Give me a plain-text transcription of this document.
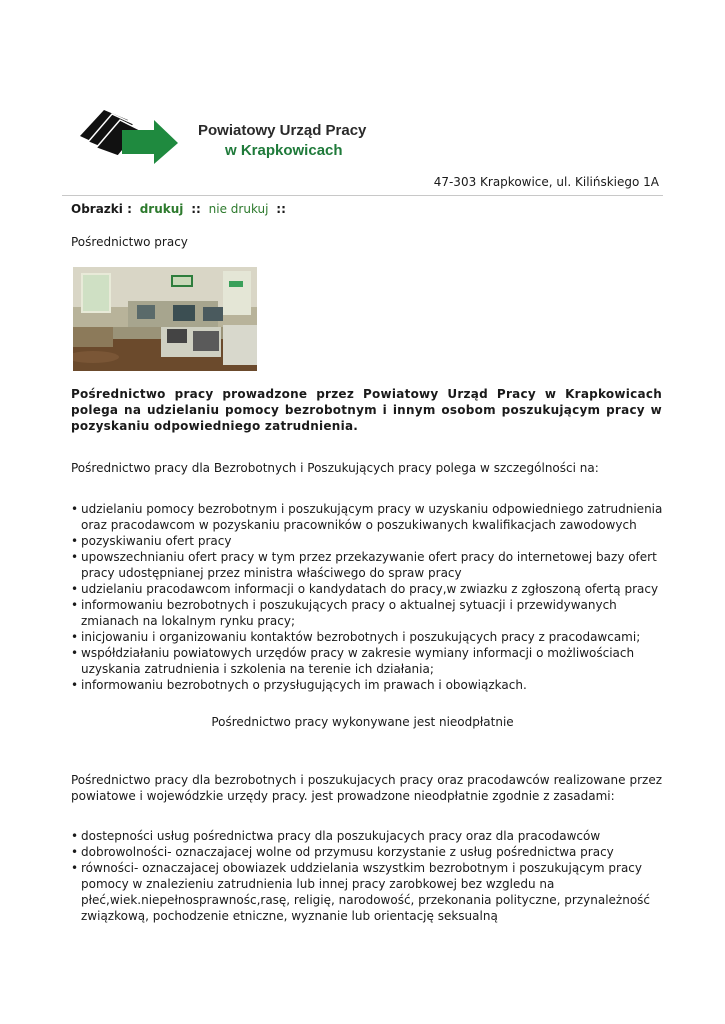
Powiatowy Urząd Pracy
w Krapkowicach
47-303 Krapkowice, ul. Kilińskiego 1A
Obrazki : drukuj :: nie drukuj ::
Pośrednictwo pracy
Pośrednictwo pracy prowadzone przez Powiatowy Urząd Pracy w Krapkowicach polega na udzielaniu pomocy bezrobotnym i innym osobom poszukującym pracy w pozyskaniu odpowiedniego zatrudnienia.
Pośrednictwo pracy dla Bezrobotnych i Poszukujących pracy polega w szczególności na:
• udzielaniu pomocy bezrobotnym i poszukującym pracy w uzyskaniu odpowiedniego zatrudnienia oraz pracodawcom w pozyskaniu pracowników o poszukiwanych kwalifikacjach zawodowych
• pozyskiwaniu ofert pracy
• upowszechnianiu ofert pracy w tym przez przekazywanie ofert pracy do internetowej bazy ofert pracy udostępnianej przez ministra właściwego do spraw pracy
• udzielaniu pracodawcom informacji o kandydatach do pracy,w zwiazku z zgłoszoną ofertą pracy
• informowaniu bezrobotnych i poszukujących pracy o aktualnej sytuacji i przewidywanych zmianach na lokalnym rynku pracy;
• inicjowaniu i organizowaniu kontaktów bezrobotnych i poszukujących pracy z pracodawcami;
• współdziałaniu powiatowych urzędów pracy w zakresie wymiany informacji o możliwościach uzyskania zatrudnienia i szkolenia na terenie ich działania;
• informowaniu bezrobotnych o przysługujących im prawach i obowiązkach.
Pośrednictwo pracy wykonywane jest nieodpłatnie
Pośrednictwo pracy dla bezrobotnych i poszukujacych pracy oraz pracodawców realizowane przez powiatowe i wojewódzkie urzędy pracy. jest prowadzone nieodpłatnie zgodnie z zasadami:
• dostepności usług pośrednictwa pracy dla poszukujacych pracy oraz dla pracodawców
• dobrowolności- oznaczajacej wolne od przymusu korzystanie z usług pośrednictwa pracy
• równości- oznaczajacej obowiazek uddzielania wszystkim bezrobotnym i poszukującym pracy pomocy w znalezieniu zatrudnienia lub innej pracy zarobkowej bez wzgledu na płeć,wiek.niepełnosprawnośc,rasę, religię, narodowość, przekonania polityczne, przynależność związkową, pochodzenie etniczne, wyznanie lub orientację seksualną
